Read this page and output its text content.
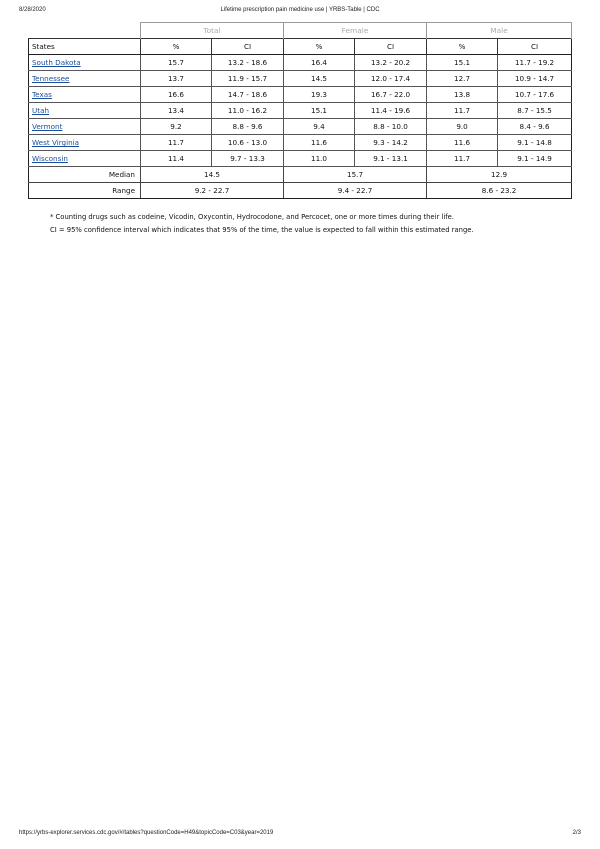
8/28/2020	Lifetime prescription pain medicine use | YRBS-Table | CDC
	Total		Female		Male	
States	%	CI	%	CI	%	CI
South Dakota	15.7	13.2 - 18.6	16.4	13.2 - 20.2	15.1	11.7 - 19.2
Tennessee	13.7	11.9 - 15.7	14.5	12.0 - 17.4	12.7	10.9 - 14.7
Texas	16.6	14.7 - 18.6	19.3	16.7 - 22.0	13.8	10.7 - 17.6
Utah	13.4	11.0 - 16.2	15.1	11.4 - 19.6	11.7	8.7 - 15.5
Vermont	9.2	8.8 - 9.6	9.4	8.8 - 10.0	9.0	8.4 - 9.6
West Virginia	11.7	10.6 - 13.0	11.6	9.3 - 14.2	11.6	9.1 - 14.8
Wisconsin	11.4	9.7 - 13.3	11.0	9.1 - 13.1	11.7	9.1 - 14.9
Median	14.5		15.7		12.9	
Range	9.2 - 22.7		9.4 - 22.7		8.6 - 23.2	
* Counting drugs such as codeine, Vicodin, Oxycontin, Hydrocodone, and Percocet, one or more times during their life.
CI = 95% confidence interval which indicates that 95% of the time, the value is expected to fall within this estimated range.
https://yrbs-explorer.services.cdc.gov/#/tables?questionCode=H49&topicCode=C03&year=2019	2/3
